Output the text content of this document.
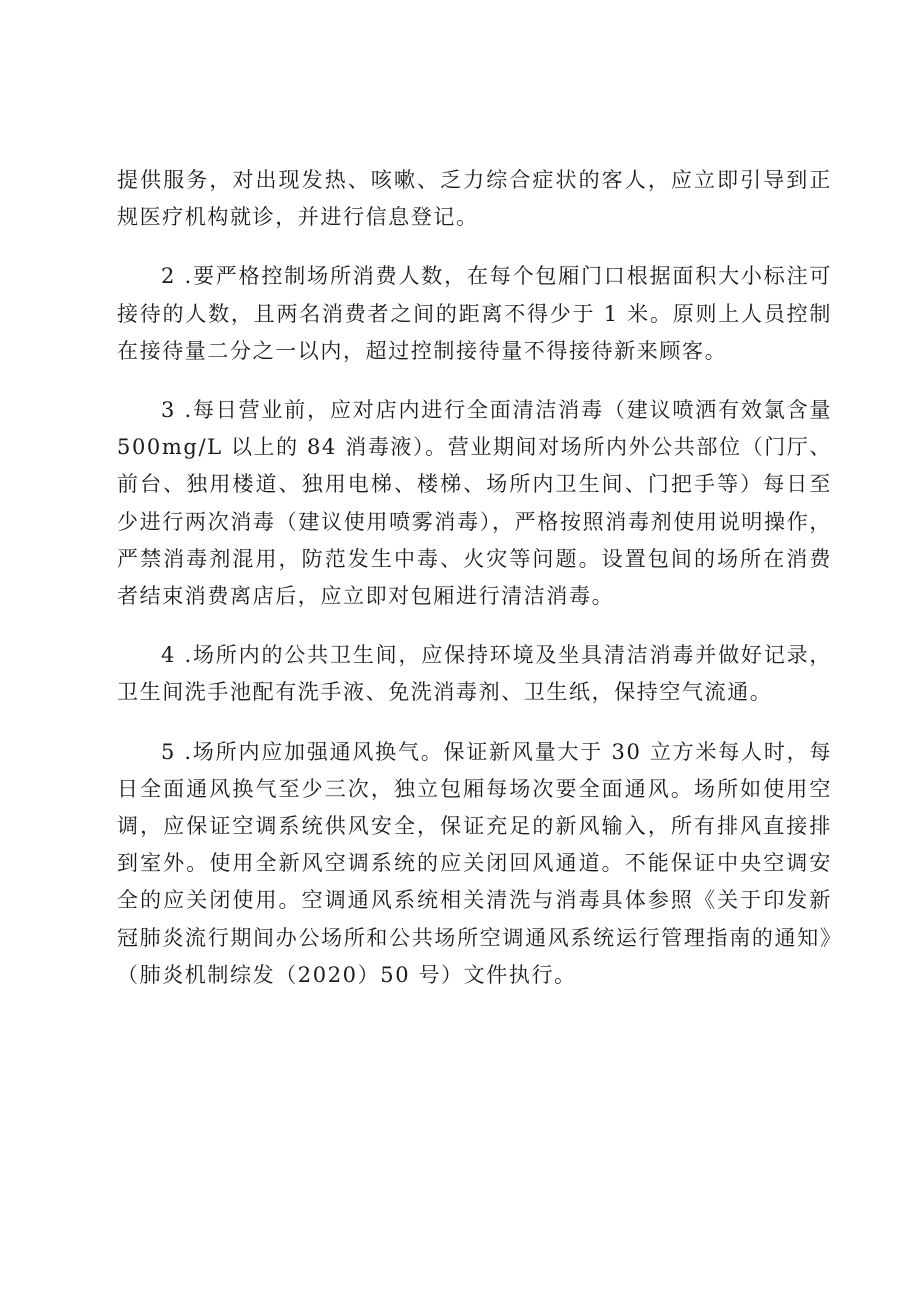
提供服务，对出现发热、咳嗽、乏力综合症状的客人，应立即引导到正规医疗机构就诊，并进行信息登记。

2 .要严格控制场所消费人数，在每个包厢门口根据面积大小标注可接待的人数，且两名消费者之间的距离不得少于 1 米。原则上人员控制在接待量二分之一以内，超过控制接待量不得接待新来顾客。

3 .每日营业前，应对店内进行全面清洁消毒（建议喷洒有效氯含量 500mg/L 以上的 84 消毒液）。营业期间对场所内外公共部位（门厅、前台、独用楼道、独用电梯、楼梯、场所内卫生间、门把手等）每日至少进行两次消毒（建议使用喷雾消毒），严格按照消毒剂使用说明操作，严禁消毒剂混用，防范发生中毒、火灾等问题。设置包间的场所在消费者结束消费离店后，应立即对包厢进行清洁消毒。

4 .场所内的公共卫生间，应保持环境及坐具清洁消毒并做好记录，卫生间洗手池配有洗手液、免洗消毒剂、卫生纸，保持空气流通。

5 .场所内应加强通风换气。保证新风量大于 30 立方米每人时，每日全面通风换气至少三次，独立包厢每场次要全面通风。场所如使用空调，应保证空调系统供风安全，保证充足的新风输入，所有排风直接排到室外。使用全新风空调系统的应关闭回风通道。不能保证中央空调安全的应关闭使用。空调通风系统相关清洗与消毒具体参照《关于印发新冠肺炎流行期间办公场所和公共场所空调通风系统运行管理指南的通知》（肺炎机制综发（2020）50 号）文件执行。
